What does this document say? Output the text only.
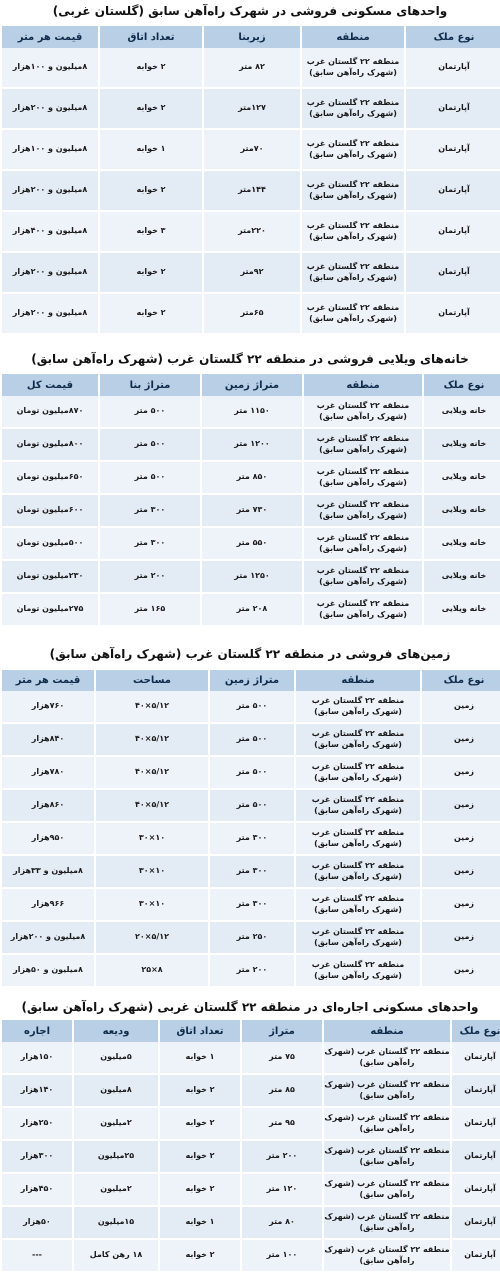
واحدهای مسکونی فروشی در شهرک راه‌آهن سابق (گلستان غربی)
نوع ملک	منطقه	زیربنا	تعداد اتاق	قیمت هر متر
آپارتمان	منطقه ۲۲ گلستان غرب (شهرک راه‌آهن سابق)	۸۲ متر	۲ خوابه	۸میلیون و ۱۰۰هزار
آپارتمان	منطقه ۲۲ گلستان غرب (شهرک راه‌آهن سابق)	۱۲۷متر	۲ خوابه	۸میلیون و ۲۰۰هزار
آپارتمان	منطقه ۲۲ گلستان غرب (شهرک راه‌آهن سابق)	۷۰متر	۱ خوابه	۸میلیون و ۱۰۰هزار
آپارتمان	منطقه ۲۲ گلستان غرب (شهرک راه‌آهن سابق)	۱۴۴متر	۲ خوابه	۸میلیون و ۲۰۰هزار
آپارتمان	منطقه ۲۲ گلستان غرب (شهرک راه‌آهن سابق)	۲۲۰متر	۳ خوابه	۸میلیون و ۴۰۰هزار
آپارتمان	منطقه ۲۲ گلستان غرب (شهرک راه‌آهن سابق)	۹۲متر	۲ خوابه	۸میلیون و ۲۰۰هزار
آپارتمان	منطقه ۲۲ گلستان غرب (شهرک راه‌آهن سابق)	۶۵متر	۲ خوابه	۸میلیون و ۲۰۰هزار
خانه‌های ویلایی فروشی در منطقه ۲۲ گلستان غرب (شهرک راه‌آهن سابق)
نوع ملک	منطقه	متراژ زمین	متراژ بنا	قیمت کل
خانه ویلایی	منطقه ۲۲ گلستان غرب (شهرک راه‌آهن سابق)	۱۱۵۰ متر	۵۰۰ متر	۸۷۰میلیون تومان
خانه ویلایی	منطقه ۲۲ گلستان غرب (شهرک راه‌آهن سابق)	۱۲۰۰ متر	۵۰۰ متر	۸۰۰میلیون تومان
خانه ویلایی	منطقه ۲۲ گلستان غرب (شهرک راه‌آهن سابق)	۸۵۰ متر	۵۰۰ متر	۶۵۰میلیون تومان
خانه ویلایی	منطقه ۲۲ گلستان غرب (شهرک راه‌آهن سابق)	۷۳۰ متر	۳۰۰ متر	۶۰۰میلیون تومان
خانه ویلایی	منطقه ۲۲ گلستان غرب (شهرک راه‌آهن سابق)	۵۵۰ متر	۳۰۰ متر	۵۰۰میلیون تومان
خانه ویلایی	منطقه ۲۲ گلستان غرب (شهرک راه‌آهن سابق)	۱۲۵۰ متر	۲۰۰ متر	۲۳۰میلیون تومان
خانه ویلایی	منطقه ۲۲ گلستان غرب (شهرک راه‌آهن سابق)	۲۰۸ متر	۱۶۵ متر	۲۷۵میلیون تومان
زمین‌های فروشی در منطقه ۲۲ گلستان غرب (شهرک راه‌آهن سابق)
نوع ملک	منطقه	متراژ زمین	مساحت	قیمت هر متر
زمین	منطقه ۲۲ گلستان غرب (شهرک راه‌آهن سابق)	۵۰۰ متر	۵/۱۲×۴۰	۷۶۰هزار
زمین	منطقه ۲۲ گلستان غرب (شهرک راه‌آهن سابق)	۵۰۰ متر	۵/۱۲×۴۰	۸۴۰هزار
زمین	منطقه ۲۲ گلستان غرب (شهرک راه‌آهن سابق)	۵۰۰ متر	۵/۱۲×۴۰	۷۸۰هزار
زمین	منطقه ۲۲ گلستان غرب (شهرک راه‌آهن سابق)	۵۰۰ متر	۵/۱۲×۴۰	۸۶۰هزار
زمین	منطقه ۲۲ گلستان غرب (شهرک راه‌آهن سابق)	۳۰۰ متر	۱۰×۳۰	۹۵۰هزار
زمین	منطقه ۲۲ گلستان غرب (شهرک راه‌آهن سابق)	۳۰۰ متر	۱۰×۳۰	۸میلیون و ۳۳هزار
زمین	منطقه ۲۲ گلستان غرب (شهرک راه‌آهن سابق)	۳۰۰ متر	۱۰×۳۰	۹۶۶هزار
زمین	منطقه ۲۲ گلستان غرب (شهرک راه‌آهن سابق)	۲۵۰ متر	۵/۱۲×۲۰	۸میلیون و ۲۰۰هزار
زمین	منطقه ۲۲ گلستان غرب (شهرک راه‌آهن سابق)	۲۰۰ متر	۸×۲۵	۸میلیون و ۵۰هزار
واحدهای مسکونی اجاره‌ای در منطقه ۲۲ گلستان غربی (شهرک راه‌آهن سابق)
نوع ملک	منطقه	متراژ	تعداد اتاق	ودیعه	اجاره
آپارتمان	منطقه ۲۲ گلستان غرب (شهرک راه‌آهن سابق)	۷۵ متر	۱ خوابه	۵میلیون	۱۵۰هزار
آپارتمان	منطقه ۲۲ گلستان غرب (شهرک راه‌آهن سابق)	۸۵ متر	۲ خوابه	۸میلیون	۱۴۰هزار
آپارتمان	منطقه ۲۲ گلستان غرب (شهرک راه‌آهن سابق)	۹۵ متر	۲ خوابه	۲میلیون	۲۵۰هزار
آپارتمان	منطقه ۲۲ گلستان غرب (شهرک راه‌آهن سابق)	۲۰۰ متر	۲ خوابه	۲۵میلیون	۳۰۰هزار
آپارتمان	منطقه ۲۲ گلستان غرب (شهرک راه‌آهن سابق)	۱۲۰ متر	۲ خوابه	۲میلیون	۴۵۰هزار
آپارتمان	منطقه ۲۲ گلستان غرب (شهرک راه‌آهن سابق)	۸۰ متر	۱ خوابه	۱۵میلیون	۵۰هزار
آپارتمان	منطقه ۲۲ گلستان غرب (شهرک راه‌آهن سابق)	۱۰۰ متر	۲ خوابه	۱۸ رهن کامل	---
